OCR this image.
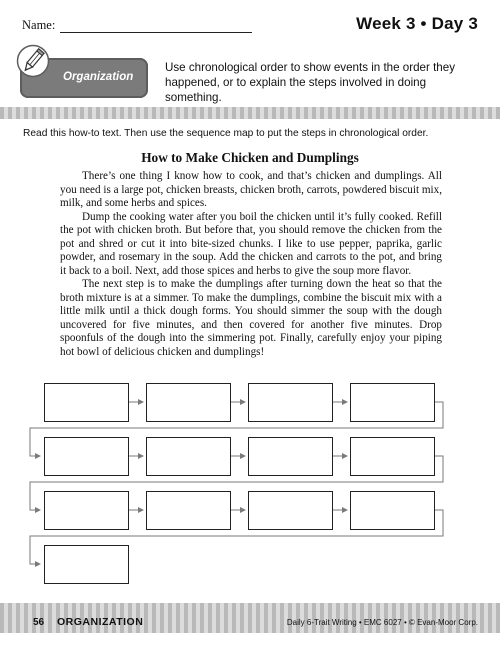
Name:	Week 3 • Day 3
Organization
Use chronological order to show events in the order they happened, or to explain the steps involved in doing something.
Read this how-to text. Then use the sequence map to put the steps in chronological order.
How to Make Chicken and Dumplings

There’s one thing I know how to cook, and that’s chicken and dumplings. All you need is a large pot, chicken breasts, chicken broth, carrots, powdered biscuit mix, milk, and some herbs and spices.

Dump the cooking water after you boil the chicken until it’s fully cooked. Refill the pot with chicken broth. But before that, you should remove the chicken from the pot and shred or cut it into bite-sized chunks. I like to use pepper, paprika, garlic powder, and rosemary in the soup. Add the chicken and carrots to the pot, and bring it back to a boil. Next, add those spices and herbs to give the soup more flavor.

The next step is to make the dumplings after turning down the heat so that the broth mixture is at a simmer. To make the dumplings, combine the biscuit mix with a little milk until a thick dough forms. You should simmer the soup with the dough uncovered for five minutes, and then covered for another five minutes. Drop spoonfuls of the dough into the simmering pot. Finally, carefully enjoy your piping hot bowl of delicious chicken and dumplings!

56 ORGANIZATION	Daily 6-Trait Writing • EMC 6027 • © Evan-Moor Corp.
